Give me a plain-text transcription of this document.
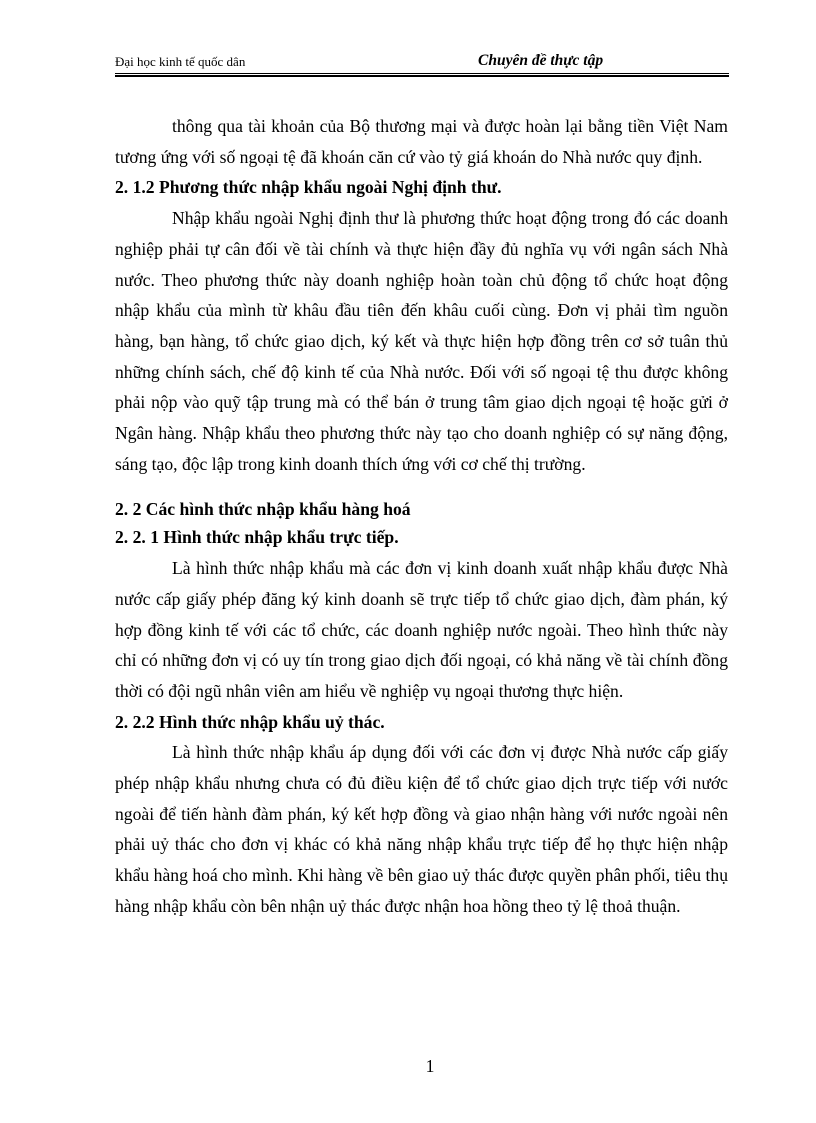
Đại học kinh tế quốc dân	Chuyên đề thực tập

thông qua tài khoản của Bộ thương mại và được hoàn lại bằng tiền Việt Nam tương ứng với số ngoại tệ đã khoán căn cứ vào tỷ giá khoán do Nhà nước quy định.

2. 1.2 Phương thức nhập khẩu ngoài Nghị định thư.

Nhập khẩu ngoài Nghị định thư là phương thức hoạt động trong đó các doanh nghiệp phải tự cân đối về tài chính và thực hiện đầy đủ nghĩa vụ với ngân sách Nhà nước. Theo phương thức này doanh nghiệp hoàn toàn chủ động tổ chức hoạt động nhập khẩu của mình từ khâu đầu tiên đến khâu cuối cùng. Đơn vị phải tìm nguồn hàng, bạn hàng, tổ chức giao dịch, ký kết và thực hiện hợp đồng trên cơ sở tuân thủ những chính sách, chế độ kinh tế của Nhà nước. Đối với số ngoại tệ thu được không phải nộp vào quỹ tập trung mà có thể bán ở trung tâm giao dịch ngoại tệ hoặc gửi ở Ngân hàng. Nhập khẩu theo phương thức này tạo cho doanh nghiệp có sự năng động, sáng tạo, độc lập trong kinh doanh thích ứng với cơ chế thị trường.

2. 2 Các hình thức nhập khẩu hàng hoá
2. 2. 1 Hình thức nhập khẩu trực tiếp.

Là hình thức nhập khẩu mà các đơn vị kinh doanh xuất nhập khẩu được Nhà nước cấp giấy phép đăng ký kinh doanh sẽ trực tiếp tổ chức giao dịch, đàm phán, ký hợp đồng kinh tế với các tổ chức, các doanh nghiệp nước ngoài. Theo hình thức này chỉ có những đơn vị có uy tín trong giao dịch đối ngoại, có khả năng về tài chính đồng thời có đội ngũ nhân viên am hiểu về nghiệp vụ ngoại thương thực hiện.

2. 2.2 Hình thức nhập khẩu uỷ thác.

Là hình thức nhập khẩu áp dụng đối với các đơn vị được Nhà nước cấp giấy phép nhập khẩu nhưng chưa có đủ điều kiện để tổ chức giao dịch trực tiếp với nước ngoài để tiến hành đàm phán, ký kết hợp đồng và giao nhận hàng với nước ngoài nên phải uỷ thác cho đơn vị khác có khả năng nhập khẩu trực tiếp để họ thực hiện nhập khẩu hàng hoá cho mình. Khi hàng về bên giao uỷ thác được quyền phân phối, tiêu thụ hàng nhập khẩu còn bên nhận uỷ thác được nhận hoa hồng theo tỷ lệ thoả thuận.

1
